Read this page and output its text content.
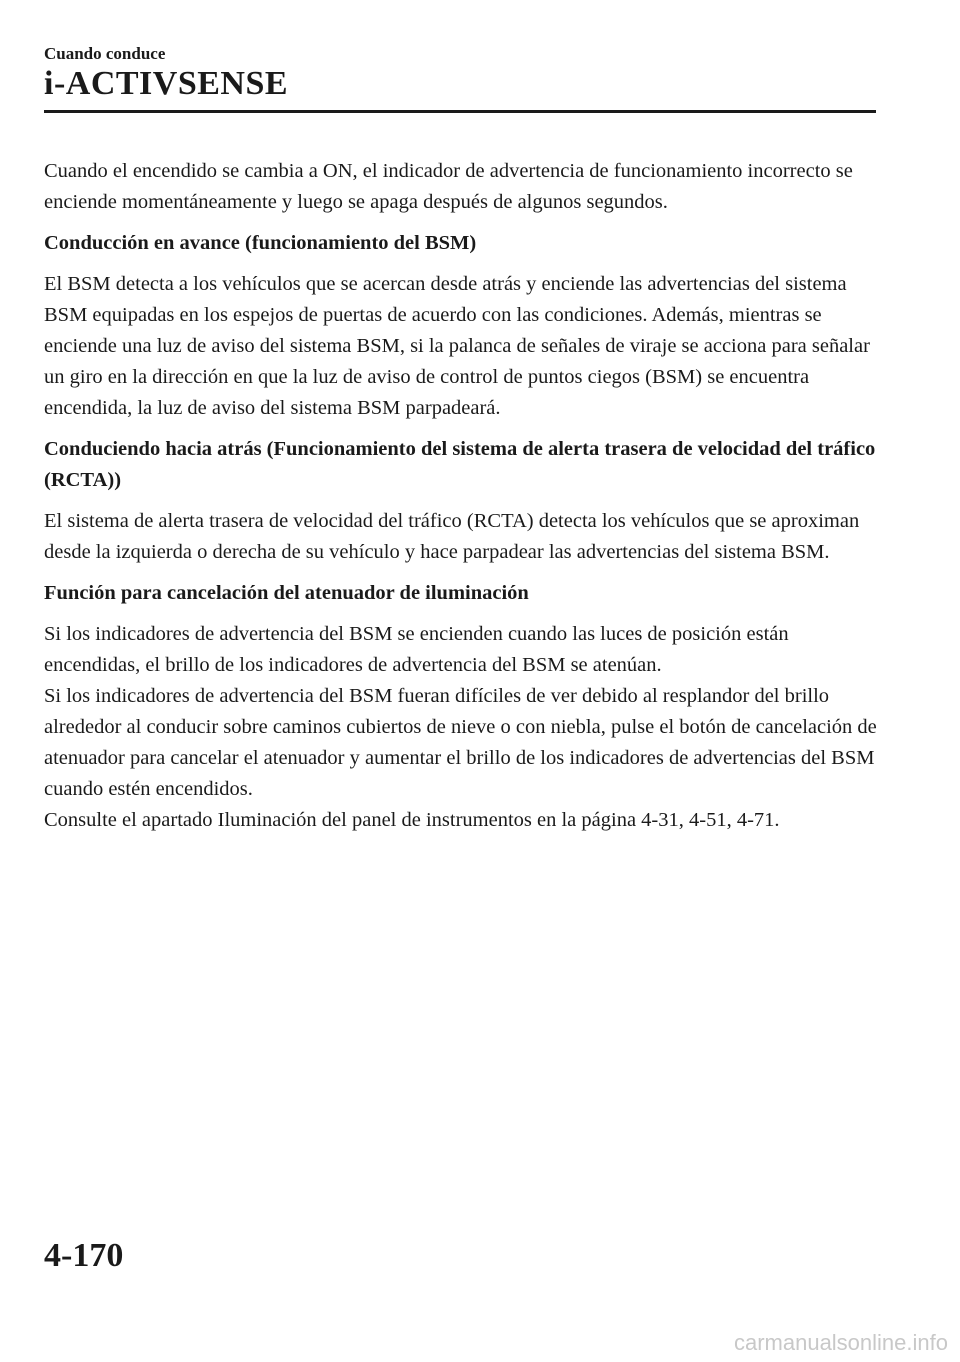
Cuando conduce

i-ACTIVSENSE

Cuando el encendido se cambia a ON, el indicador de advertencia de funcionamiento incorrecto se enciende momentáneamente y luego se apaga después de algunos segundos.

Conducción en avance (funcionamiento del BSM)

El BSM detecta a los vehículos que se acercan desde atrás y enciende las advertencias del sistema BSM equipadas en los espejos de puertas de acuerdo con las condiciones. Además, mientras se enciende una luz de aviso del sistema BSM, si la palanca de señales de viraje se acciona para señalar un giro en la dirección en que la luz de aviso de control de puntos ciegos (BSM) se encuentra encendida, la luz de aviso del sistema BSM parpadeará.

Conduciendo hacia atrás (Funcionamiento del sistema de alerta trasera de velocidad del tráfico (RCTA))

El sistema de alerta trasera de velocidad del tráfico (RCTA) detecta los vehículos que se aproximan desde la izquierda o derecha de su vehículo y hace parpadear las advertencias del sistema BSM.

Función para cancelación del atenuador de iluminación

Si los indicadores de advertencia del BSM se encienden cuando las luces de posición están encendidas, el brillo de los indicadores de advertencia del BSM se atenúan.

Si los indicadores de advertencia del BSM fueran difíciles de ver debido al resplandor del brillo alrededor al conducir sobre caminos cubiertos de nieve o con niebla, pulse el botón de cancelación de atenuador para cancelar el atenuador y aumentar el brillo de los indicadores de advertencias del BSM cuando estén encendidos.

Consulte el apartado Iluminación del panel de instrumentos en la página 4-31, 4-51, 4-71.

4-170

carmanualsonline.info
